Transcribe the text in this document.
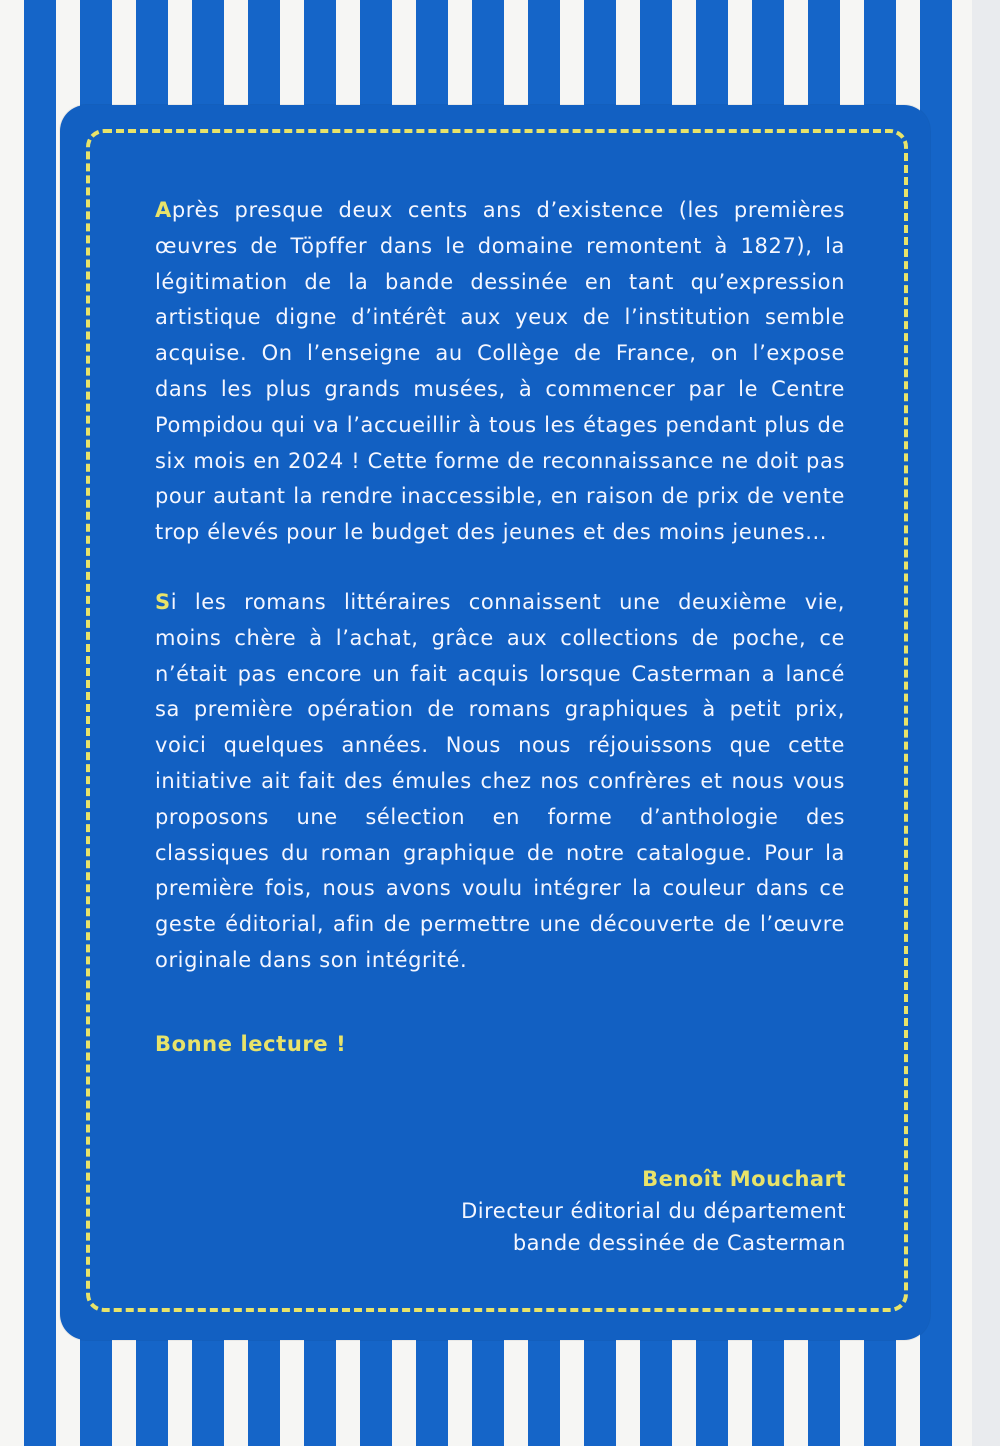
Après presque deux cents ans d’existence (les premières œuvres de Töpffer dans le domaine remontent à 1827), la légitimation de la bande dessinée en tant qu’expression artistique digne d’intérêt aux yeux de l’institution semble acquise. On l’enseigne au Collège de France, on l’expose dans les plus grands musées, à commencer par le Centre Pompidou qui va l’accueillir à tous les étages pendant plus de six mois en 2024 ! Cette forme de reconnaissance ne doit pas pour autant la rendre inaccessible, en raison de prix de vente trop élevés pour le budget des jeunes et des moins jeunes...

Si les romans littéraires connaissent une deuxième vie, moins chère à l’achat, grâce aux collections de poche, ce n’était pas encore un fait acquis lorsque Casterman a lancé sa première opération de romans graphiques à petit prix, voici quelques années. Nous nous réjouissons que cette initiative ait fait des émules chez nos confrères et nous vous proposons une sélection en forme d’anthologie des classiques du roman graphique de notre catalogue. Pour la première fois, nous avons voulu intégrer la couleur dans ce geste éditorial, afin de permettre une découverte de l’œuvre originale dans son intégrité.

Bonne lecture !

Benoît Mouchart
Directeur éditorial du département
bande dessinée de Casterman
